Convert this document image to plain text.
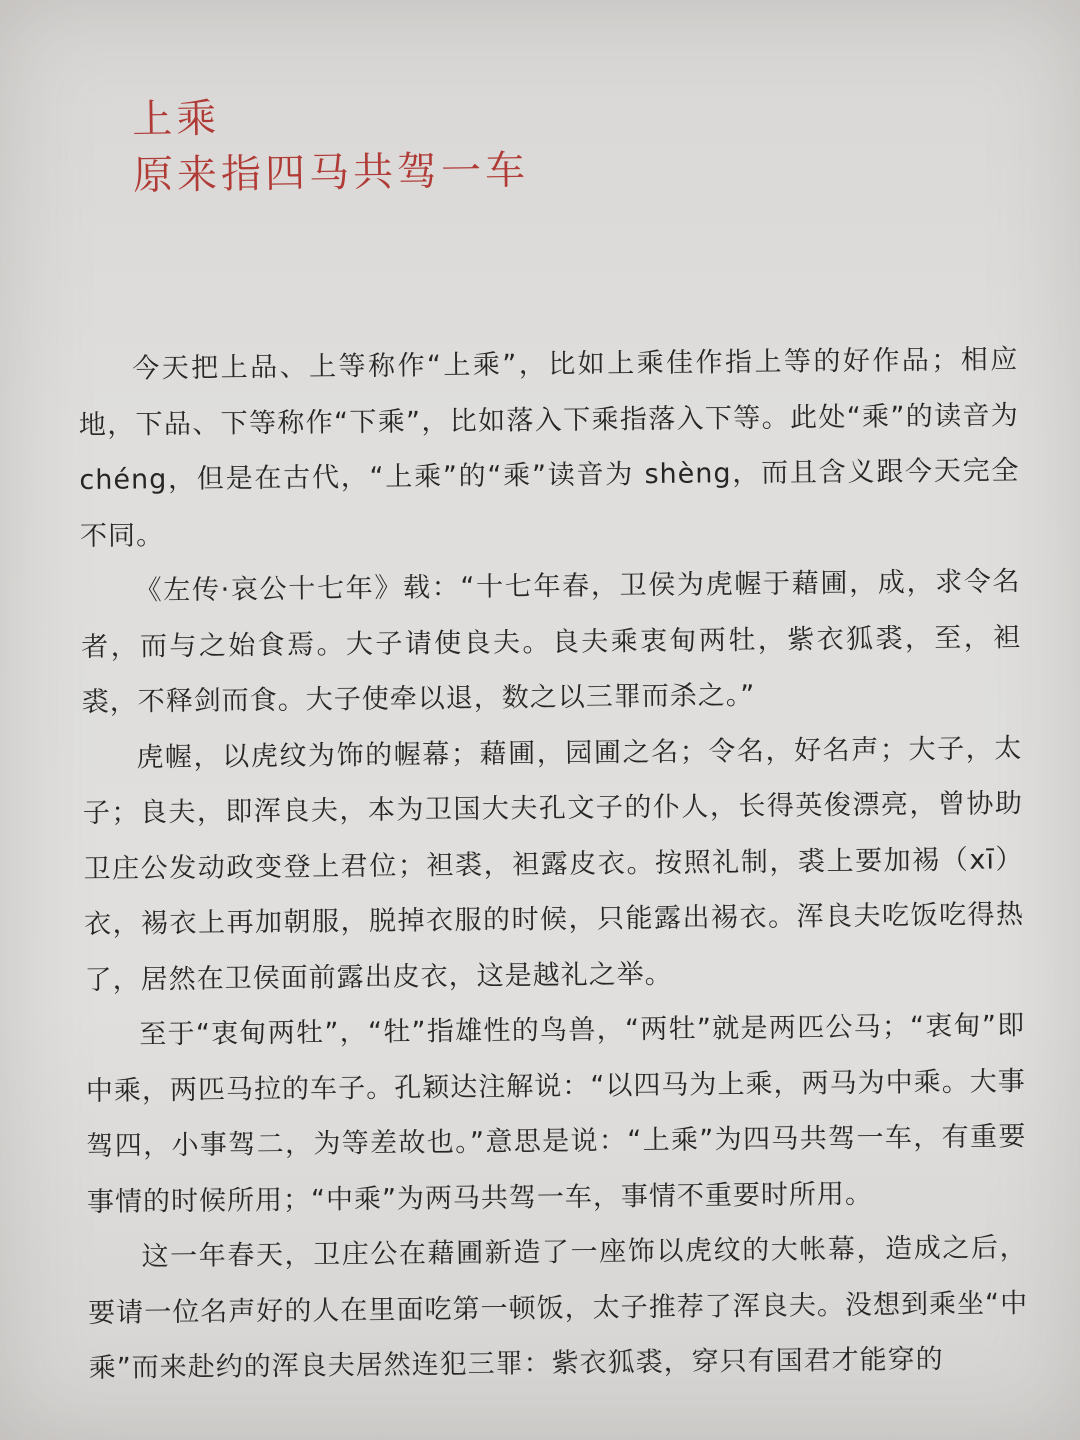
上乘
原来指四马共驾一车

今天把上品、上等称作“上乘”，比如上乘佳作指上等的好作品；相应地，下品、下等称作“下乘”，比如落入下乘指落入下等。此处“乘”的读音为 chéng，但是在古代，“上乘”的“乘”读音为 shèng，而且含义跟今天完全不同。

《左传·哀公十七年》载：“十七年春，卫侯为虎幄于藉圃，成，求令名者，而与之始食焉。大子请使良夫。良夫乘衷甸两牡，紫衣狐裘，至，袒裘，不释剑而食。大子使牵以退，数之以三罪而杀之。”

虎幄，以虎纹为饰的幄幕；藉圃，园圃之名；令名，好名声；大子，太子；良夫，即浑良夫，本为卫国大夫孔文子的仆人，长得英俊漂亮，曾协助卫庄公发动政变登上君位；袒裘，袒露皮衣。按照礼制，裘上要加裼（xī）衣，裼衣上再加朝服，脱掉衣服的时候，只能露出裼衣。浑良夫吃饭吃得热了，居然在卫侯面前露出皮衣，这是越礼之举。

至于“衷甸两牡”，“牡”指雄性的鸟兽，“两牡”就是两匹公马；“衷甸”即中乘，两匹马拉的车子。孔颖达注解说：“以四马为上乘，两马为中乘。大事驾四，小事驾二，为等差故也。”意思是说：“上乘”为四马共驾一车，有重要事情的时候所用；“中乘”为两马共驾一车，事情不重要时所用。

这一年春天，卫庄公在藉圃新造了一座饰以虎纹的大帐幕，造成之后，要请一位名声好的人在里面吃第一顿饭，太子推荐了浑良夫。没想到乘坐“中乘”而来赴约的浑良夫居然连犯三罪：紫衣狐裘，穿只有国君才能穿的
